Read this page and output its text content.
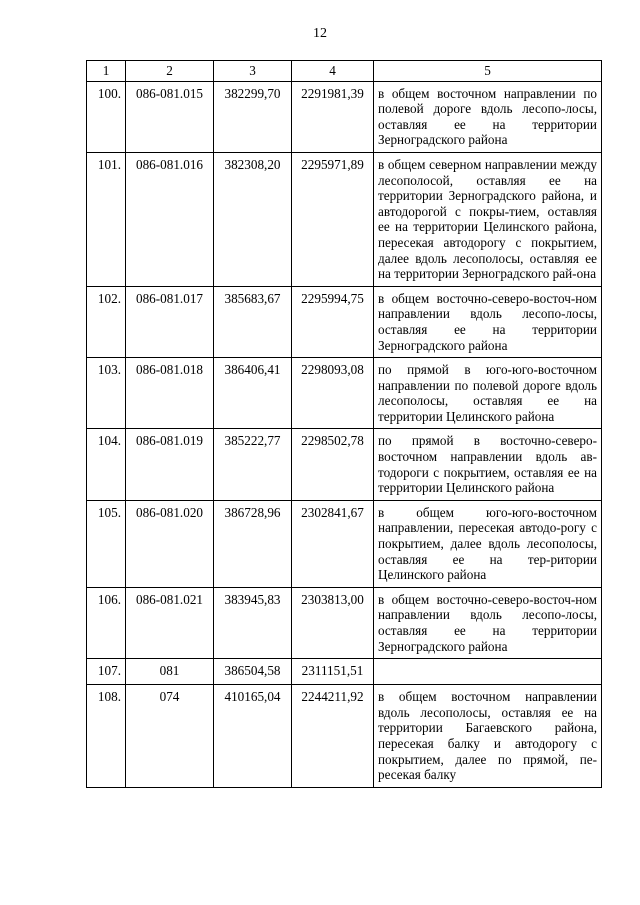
12
1	2	3	4	5
100.	086-081.015	382299,70	2291981,39	в общем восточном направлении по полевой дороге вдоль лесопо-лосы, оставляя ее на территории Зерноградского района
101.	086-081.016	382308,20	2295971,89	в общем северном направлении между лесополосой, оставляя ее на территории Зерноградского района, и автодорогой с покры-тием, оставляя ее на территории Целинского района, пересекая автодорогу с покрытием, далее вдоль лесополосы, оставляя ее на территории Зерноградского рай-она
102.	086-081.017	385683,67	2295994,75	в общем восточно-северо-восточ-ном направлении вдоль лесопо-лосы, оставляя ее на территории Зерноградского района
103.	086-081.018	386406,41	2298093,08	по прямой в юго-юго-восточном направлении по полевой дороге вдоль лесополосы, оставляя ее на территории Целинского района
104.	086-081.019	385222,77	2298502,78	по прямой в восточно-северо-восточном направлении вдоль ав-тодороги с покрытием, оставляя ее на территории Целинского района
105.	086-081.020	386728,96	2302841,67	в общем юго-юго-восточном направлении, пересекая автодо-рогу с покрытием, далее вдоль лесополосы, оставляя ее на тер-ритории Целинского района
106.	086-081.021	383945,83	2303813,00	в общем восточно-северо-восточ-ном направлении вдоль лесопо-лосы, оставляя ее на территории Зерноградского района
107.	081	386504,58	2311151,51	
108.	074	410165,04	2244211,92	в общем восточном направлении вдоль лесополосы, оставляя ее на территории Багаевского района, пересекая балку и автодорогу с покрытием, далее по прямой, пе-ресекая балку
